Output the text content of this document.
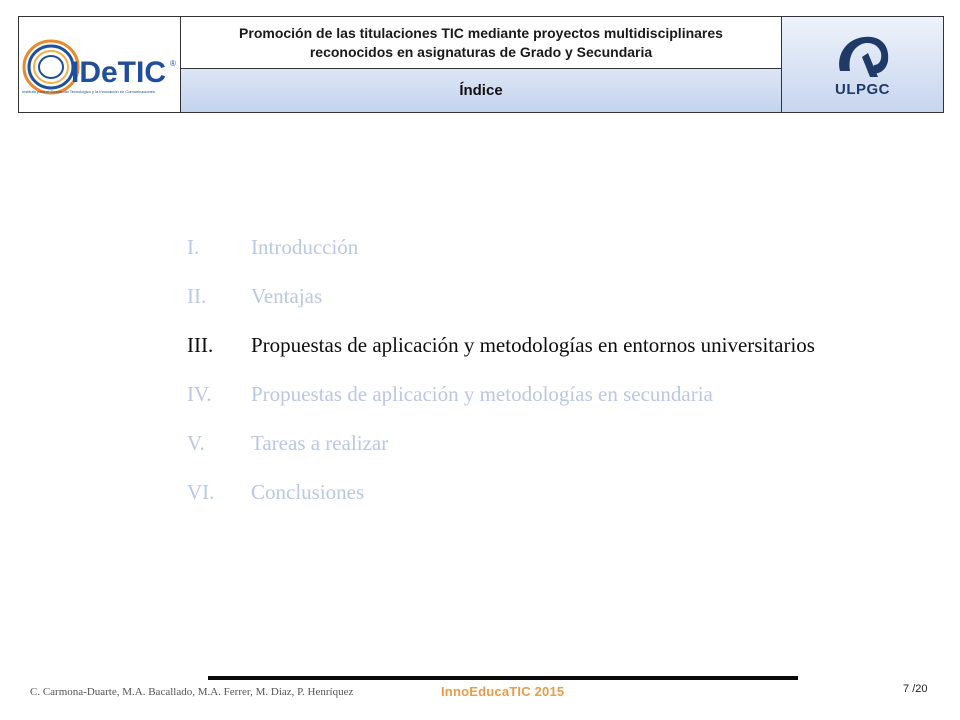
IDeTIC ®
Instituto para el Desarrollo Tecnológico y la Innovación en Comunicaciones
Promoción de las titulaciones TIC mediante proyectos multidisciplinares
reconocidos en asignaturas de Grado y Secundaria
Índice	ULPGC
I.	Introducción
II.	Ventajas
III.	Propuestas de aplicación y metodologías en entornos universitarios
IV.	Propuestas de aplicación y metodologías en secundaria
V.	Tareas a realizar
VI.	Conclusiones
C. Carmona-Duarte, M.A. Bacallado, M.A. Ferrer, M. Diaz, P. Henríquez	InnoEducaTIC 2015	7 /20
